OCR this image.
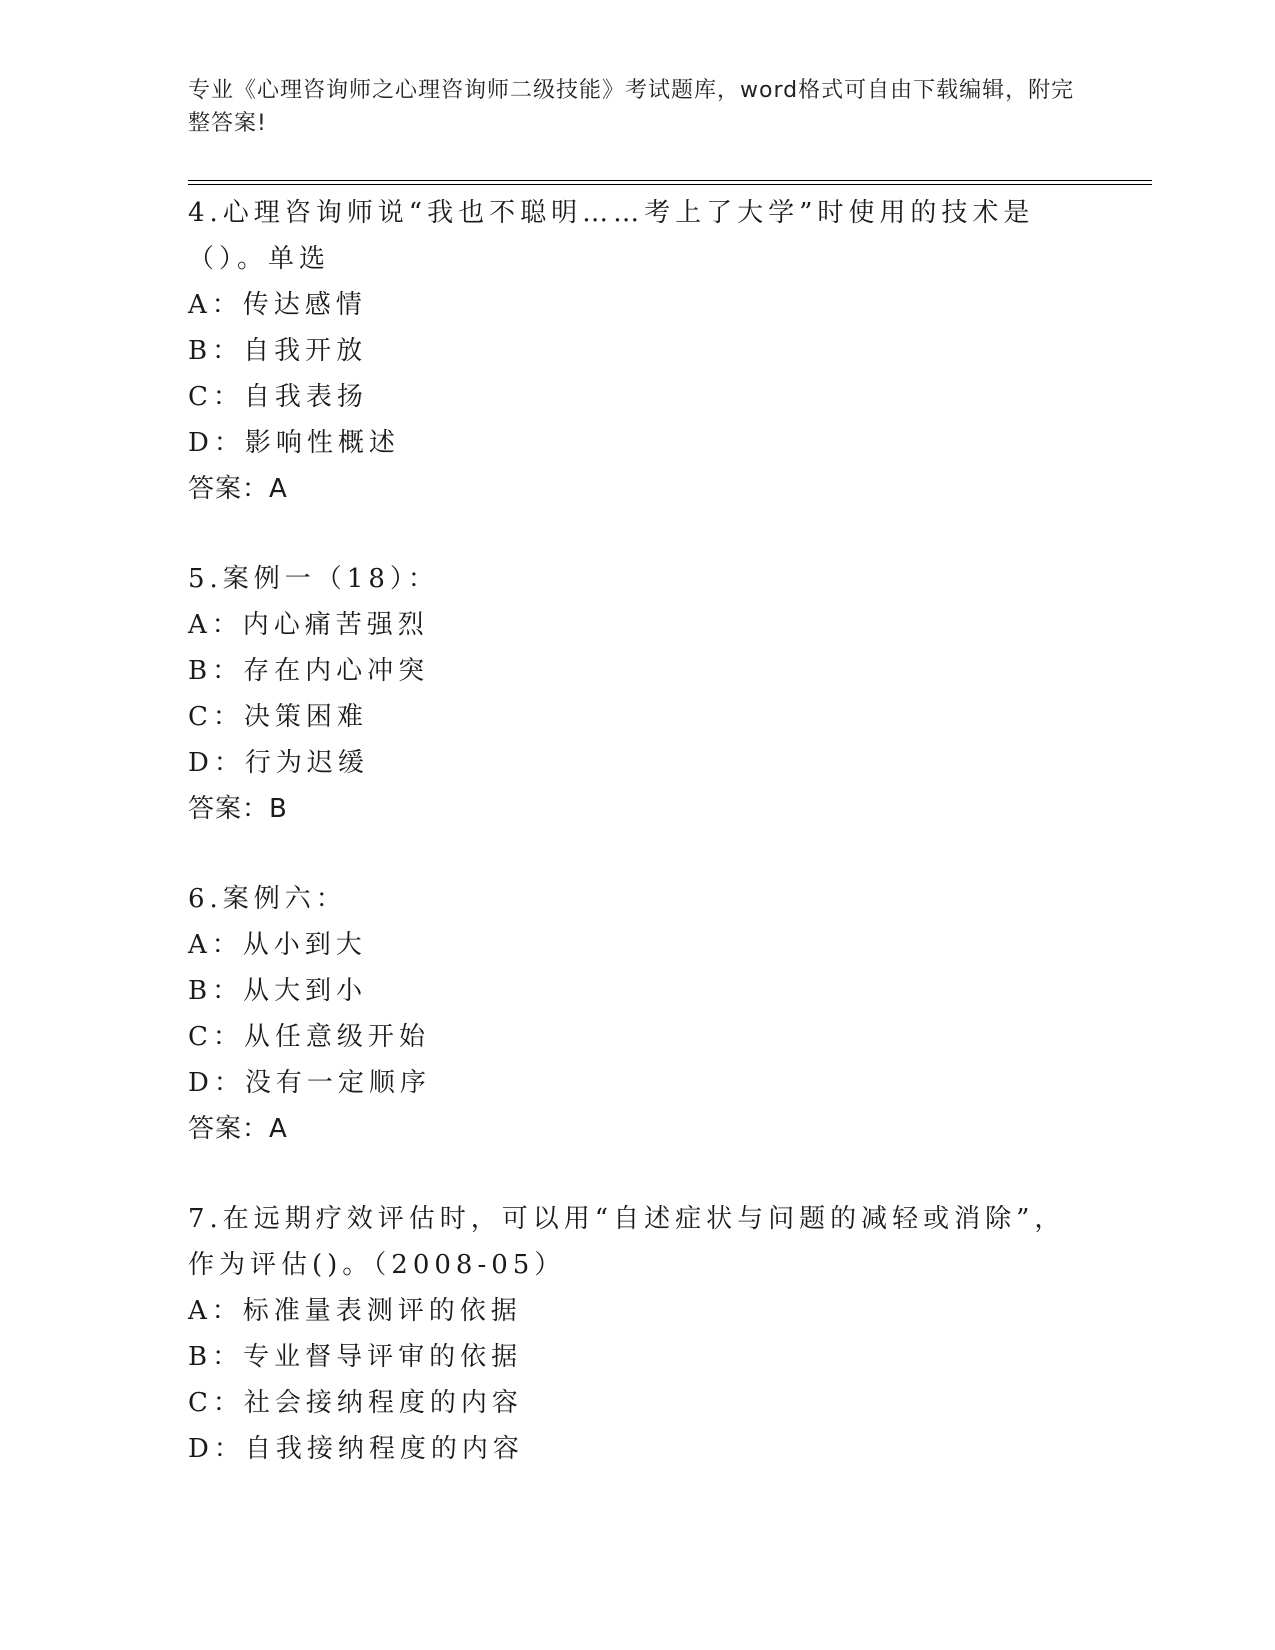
专业《心理咨询师之心理咨询师二级技能》考试题库，word格式可自由下载编辑，附完整答案!
4.心理咨询师说“我也不聪明……考上了大学”时使用的技术是（）。单选
A：传达感情
B：自我开放
C：自我表扬
D：影响性概述
答案：A
5.案例一（18）：
A：内心痛苦强烈
B：存在内心冲突
C：决策困难
D：行为迟缓
答案：B
6.案例六：
A：从小到大
B：从大到小
C：从任意级开始
D：没有一定顺序
答案：A
7.在远期疗效评估时，可以用“自述症状与问题的减轻或消除”，作为评估()。（2008-05）
A：标准量表测评的依据
B：专业督导评审的依据
C：社会接纳程度的内容
D：自我接纳程度的内容
